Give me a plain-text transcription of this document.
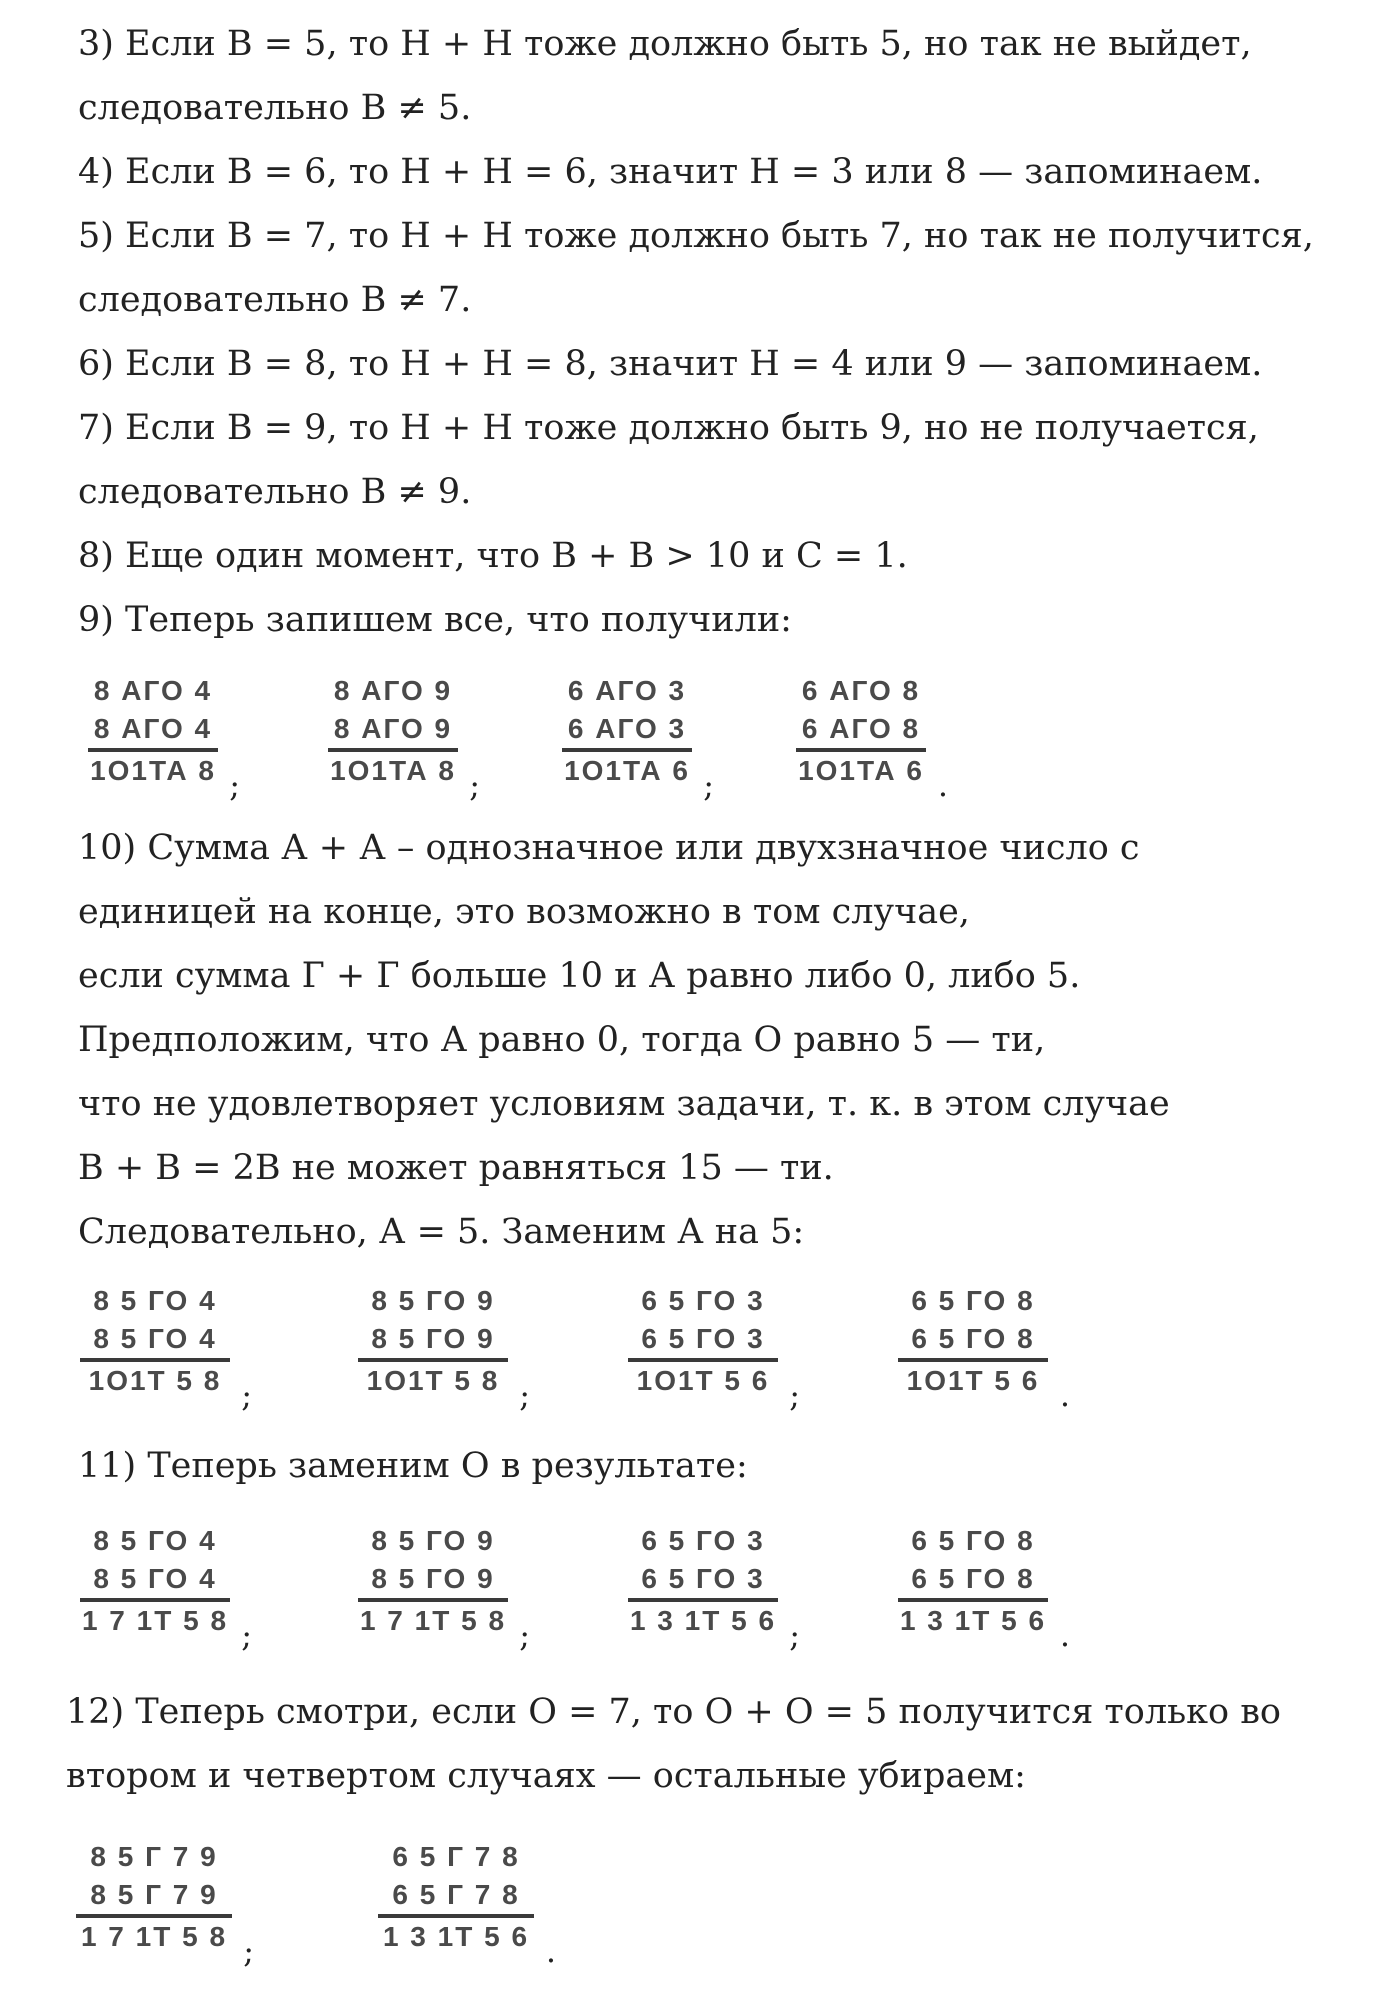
3) Если В = 5, то Н + Н тоже должно быть 5, но так не выйдет,
следовательно В ≠ 5.
4) Если В = 6, то Н + Н = 6, значит Н = 3 или 8 — запоминаем.
5) Если В = 7, то Н + Н тоже должно быть 7, но так не получится,
следовательно В ≠ 7.
6) Если В = 8, то Н + Н = 8, значит Н = 4 или 9 — запоминаем.
7) Если В = 9, то Н + Н тоже должно быть 9, но не получается,
следовательно В ≠ 9.
8) Еще один момент, что В + В > 10 и С = 1.
9) Теперь запишем все, что получили:
8 АГО 4
8 АГО 4
1О1ТА 8 ;
8 АГО 9
8 АГО 9
1О1ТА 8 ;
6 АГО 3
6 АГО 3
1О1ТА 6 ;
6 АГО 8
6 АГО 8
1О1ТА 6 .
10) Сумма А + А – однозначное или двухзначное число с
единицей на конце, это возможно в том случае,
если сумма Г + Г больше 10 и А равно либо 0, либо 5.
Предположим, что А равно 0, тогда О равно 5 — ти,
что не удовлетворяет условиям задачи, т. к. в этом случае
В + В = 2В не может равняться 15 — ти.
Следовательно, А = 5. Заменим А на 5:
8 5 ГО 4
8 5 ГО 4
1О1Т 5 8 ;
8 5 ГО 9
8 5 ГО 9
1О1Т 5 8 ;
6 5 ГО 3
6 5 ГО 3
1О1Т 5 6 ;
6 5 ГО 8
6 5 ГО 8
1О1Т 5 6 .
11) Теперь заменим О в результате:
8 5 ГО 4
8 5 ГО 4
1 7 1Т 5 8 ;
8 5 ГО 9
8 5 ГО 9
1 7 1Т 5 8 ;
6 5 ГО 3
6 5 ГО 3
1 3 1Т 5 6 ;
6 5 ГО 8
6 5 ГО 8
1 3 1Т 5 6 .
12) Теперь смотри, если О = 7, то О + О = 5 получится только во
втором и четвертом случаях — остальные убираем:
8 5 Г 7 9
8 5 Г 7 9
1 7 1Т 5 8 ;
6 5 Г 7 8
6 5 Г 7 8
1 3 1Т 5 6 .
